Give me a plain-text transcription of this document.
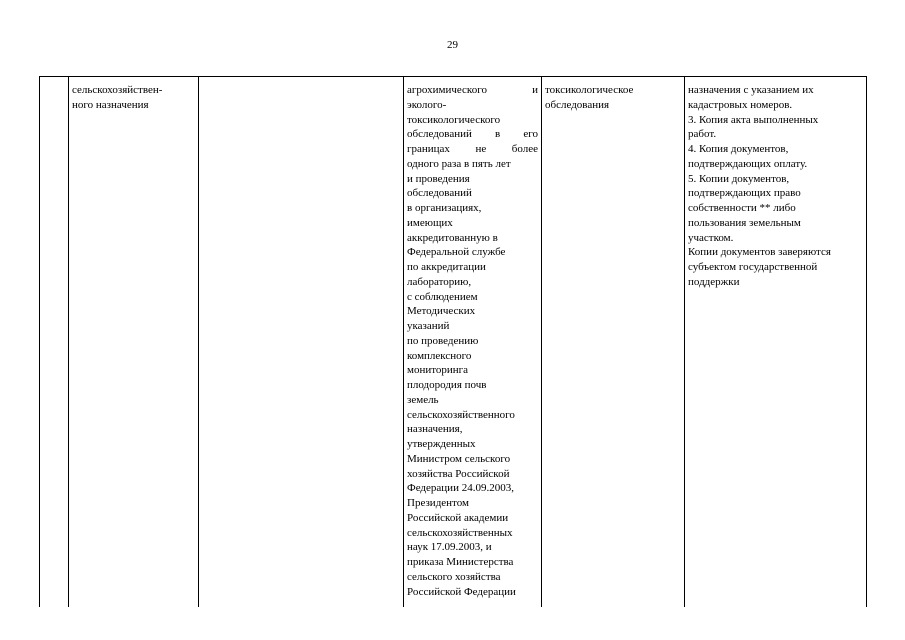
29
сельскохозяйствен-
ного назначения
агрохимического и
эколого-
токсикологического
обследований в его
границах не более
одного раза в пять лет
и проведения
обследований
в организациях,
имеющих
аккредитованную в
Федеральной службе
по аккредитации
лабораторию,
с соблюдением
Методических
указаний
по проведению
комплексного
мониторинга
плодородия почв
земель
сельскохозяйственного
назначения,
утвержденных
Министром сельского
хозяйства Российской
Федерации 24.09.2003,
Президентом
Российской академии
сельскохозяйственных
наук 17.09.2003, и
приказа Министерства
сельского хозяйства
Российской Федерации
токсикологическое
обследования
назначения с указанием их
кадастровых номеров.
3. Копия акта выполненных
работ.
4. Копия документов,
подтверждающих оплату.
5. Копии документов,
подтверждающих право
собственности ** либо
пользования земельным
участком.
Копии документов заверяются
субъектом государственной
поддержки
